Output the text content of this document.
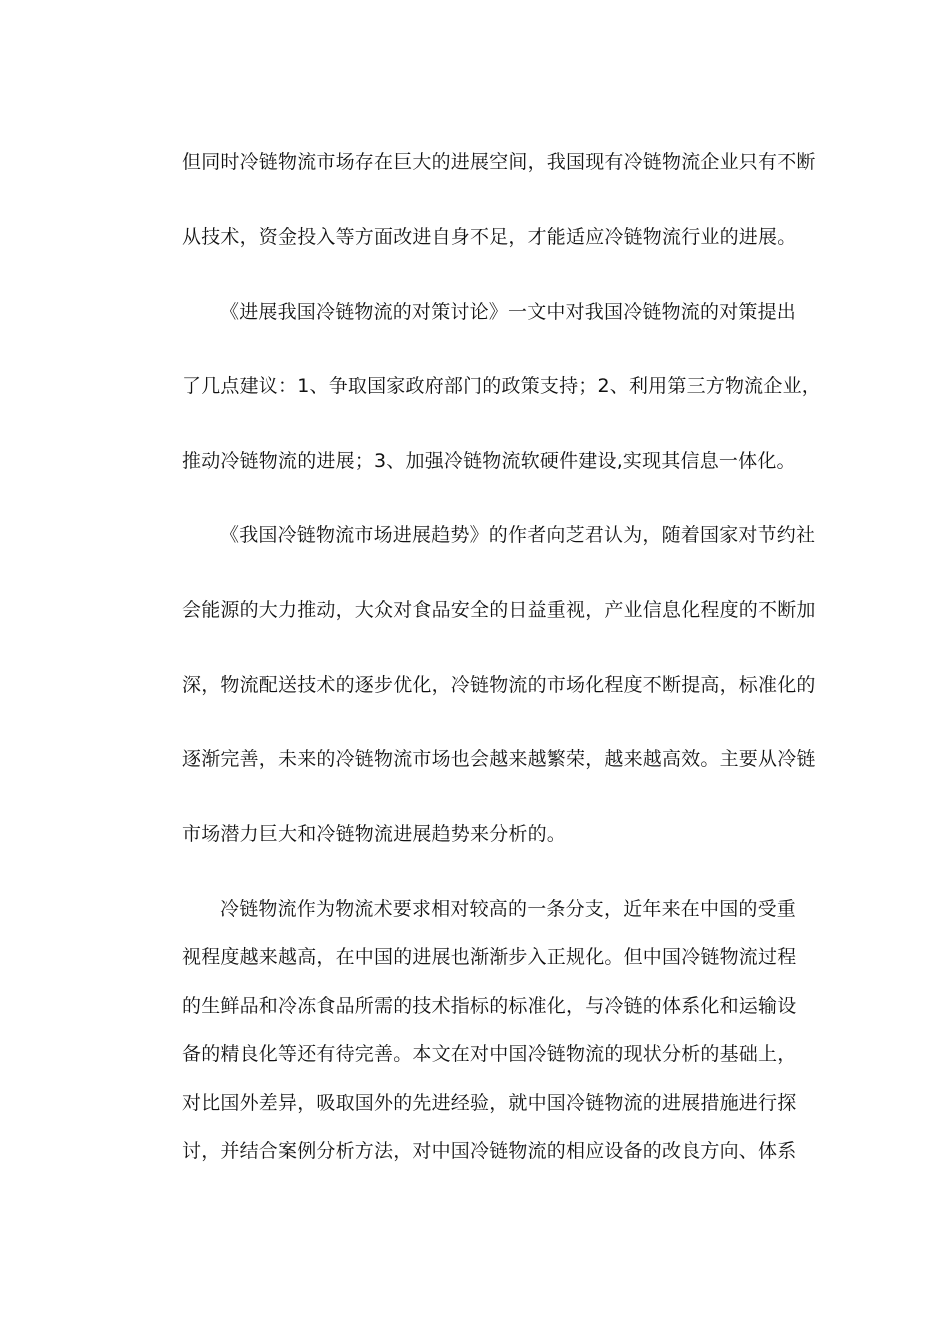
但同时冷链物流市场存在巨大的进展空间，我国现有冷链物流企业只有不断
从技术，资金投入等方面改进自身不足，才能适应冷链物流行业的进展。
《进展我国冷链物流的对策讨论》一文中对我国冷链物流的对策提出
了几点建议：1、争取国家政府部门的政策支持；2、利用第三方物流企业，
推动冷链物流的进展；3、加强冷链物流软硬件建设,实现其信息一体化。
《我国冷链物流市场进展趋势》的作者向芝君认为，随着国家对节约社
会能源的大力推动，大众对食品安全的日益重视，产业信息化程度的不断加
深，物流配送技术的逐步优化，冷链物流的市场化程度不断提高，标准化的
逐渐完善，未来的冷链物流市场也会越来越繁荣，越来越高效。主要从冷链
市场潜力巨大和冷链物流进展趋势来分析的。
冷链物流作为物流术要求相对较高的一条分支，近年来在中国的受重
视程度越来越高，在中国的进展也渐渐步入正规化。但中国冷链物流过程
的生鲜品和冷冻食品所需的技术指标的标准化，与冷链的体系化和运输设
备的精良化等还有待完善。本文在对中国冷链物流的现状分析的基础上，
对比国外差异，吸取国外的先进经验，就中国冷链物流的进展措施进行探
讨，并结合案例分析方法，对中国冷链物流的相应设备的改良方向、体系
